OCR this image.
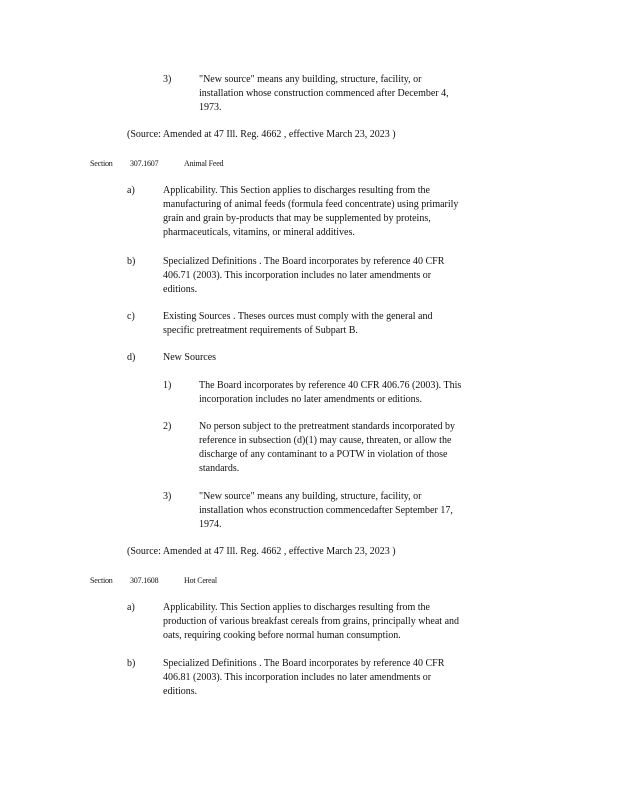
3)	"New source" means any building, structure, facility, or
installation whose construction commenced after December 4,
1973.
(Source: Amended at 47 Ill. Reg. 4662 , effective March 23, 2023 )
Section 307.1607	Animal Feed
a)	Applicability. This Section applies to discharges resulting from the
manufacturing of animal feeds (formula feed concentrate) using primarily
grain and grain by-products that may be supplemented by proteins,
pharmaceuticals, vitamins, or mineral additives.
b)	Specialized Definitions . The Board incorporates by reference 40 CFR
406.71 (2003). This incorporation includes no later amendments or
editions.
c)	Existing Sources . Theses ources must comply with the general and
specific pretreatment requirements of Subpart B.
d)	New Sources
1)	The Board incorporates by reference 40 CFR 406.76 (2003). This
incorporation includes no later amendments or editions.
2)	No person subject to the pretreatment standards incorporated by
reference in subsection (d)(1) may cause, threaten, or allow the
discharge of any contaminant to a POTW in violation of those
standards.
3)	"New source" means any building, structure, facility, or
installation whos econstruction commencedafter September 17,
1974.
(Source: Amended at 47 Ill. Reg. 4662 , effective March 23, 2023 )
Section 307.1608	Hot Cereal
a)	Applicability. This Section applies to discharges resulting from the
production of various breakfast cereals from grains, principally wheat and
oats, requiring cooking before normal human consumption.
b)	Specialized Definitions . The Board incorporates by reference 40 CFR
406.81 (2003). This incorporation includes no later amendments or
editions.
